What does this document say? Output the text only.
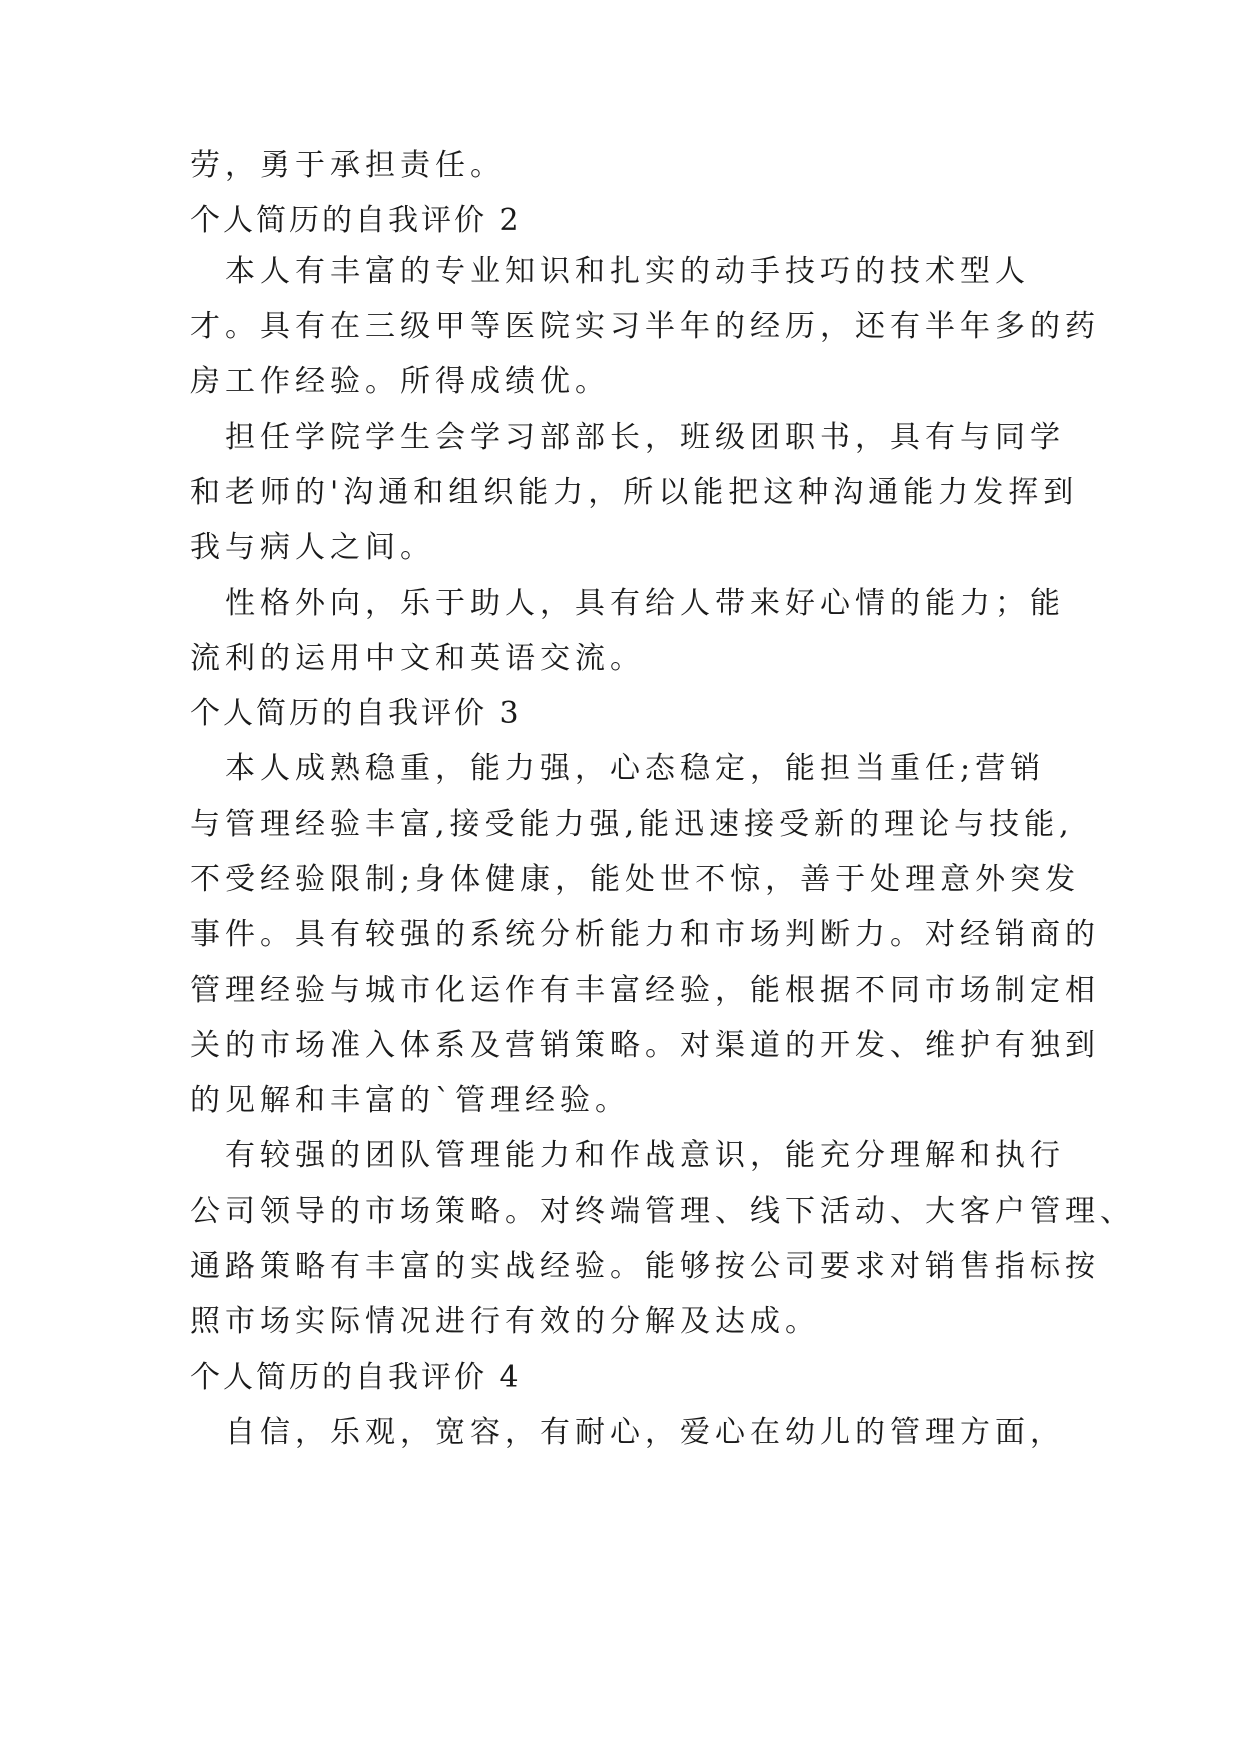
劳，勇于承担责任。
个人简历的自我评价 2
　本人有丰富的专业知识和扎实的动手技巧的技术型人
才。具有在三级甲等医院实习半年的经历，还有半年多的药
房工作经验。所得成绩优。
　担任学院学生会学习部部长，班级团职书，具有与同学
和老师的'沟通和组织能力，所以能把这种沟通能力发挥到
我与病人之间。
　性格外向，乐于助人，具有给人带来好心情的能力；能
流利的运用中文和英语交流。
个人简历的自我评价 3
　本人成熟稳重，能力强，心态稳定，能担当重任;营销
与管理经验丰富,接受能力强,能迅速接受新的理论与技能,
不受经验限制;身体健康，能处世不惊，善于处理意外突发
事件。具有较强的系统分析能力和市场判断力。对经销商的
管理经验与城市化运作有丰富经验，能根据不同市场制定相
关的市场准入体系及营销策略。对渠道的开发、维护有独到
的见解和丰富的`管理经验。
　有较强的团队管理能力和作战意识，能充分理解和执行
公司领导的市场策略。对终端管理、线下活动、大客户管理、
通路策略有丰富的实战经验。能够按公司要求对销售指标按
照市场实际情况进行有效的分解及达成。
个人简历的自我评价 4
　自信，乐观，宽容，有耐心，爱心在幼儿的管理方面，
